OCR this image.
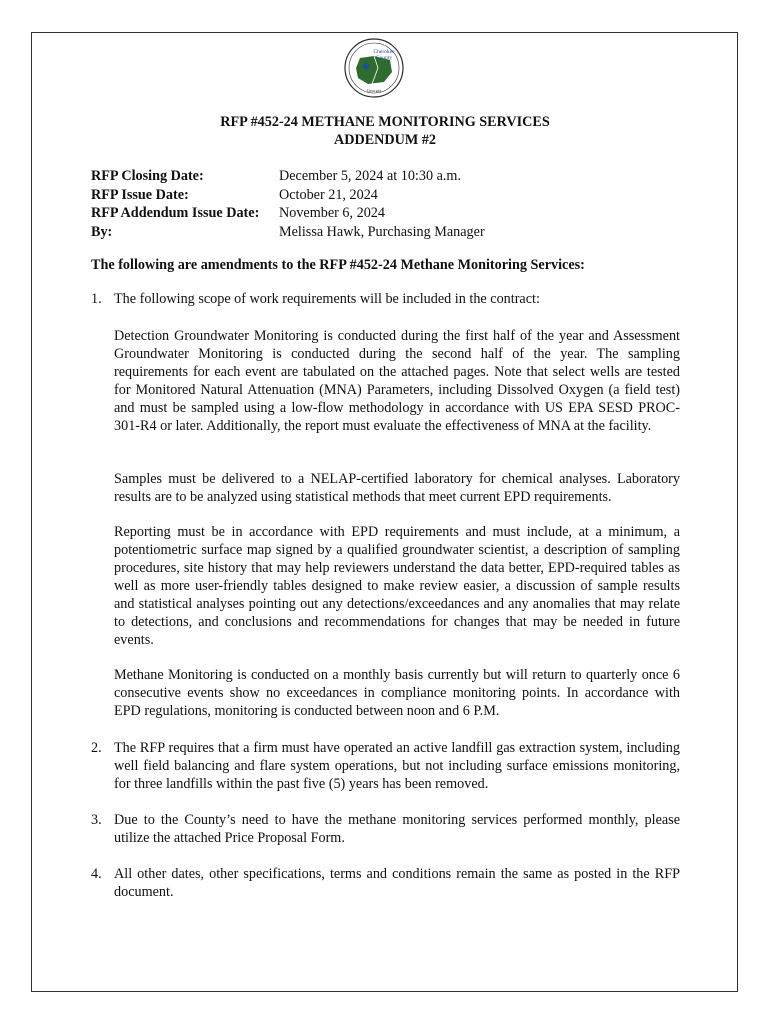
Cherokee
County
Georgia
RFP #452-24 METHANE MONITORING SERVICES
ADDENDUM #2
RFP Closing Date:	December 5, 2024 at 10:30 a.m.
RFP Issue Date:	October 21, 2024
RFP Addendum Issue Date:	November 6, 2024
By:	Melissa Hawk, Purchasing Manager
The following are amendments to the RFP #452-24 Methane Monitoring Services:
1. The following scope of work requirements will be included in the contract:
Detection Groundwater Monitoring is conducted during the first half of the year and Assessment Groundwater Monitoring is conducted during the second half of the year. The sampling requirements for each event are tabulated on the attached pages. Note that select wells are tested for Monitored Natural Attenuation (MNA) Parameters, including Dissolved Oxygen (a field test) and must be sampled using a low-flow methodology in accordance with US EPA SESD PROC-301-R4 or later. Additionally, the report must evaluate the effectiveness of MNA at the facility.
Samples must be delivered to a NELAP-certified laboratory for chemical analyses. Laboratory results are to be analyzed using statistical methods that meet current EPD requirements.
Reporting must be in accordance with EPD requirements and must include, at a minimum, a potentiometric surface map signed by a qualified groundwater scientist, a description of sampling procedures, site history that may help reviewers understand the data better, EPD-required tables as well as more user-friendly tables designed to make review easier, a discussion of sample results and statistical analyses pointing out any detections/exceedances and any anomalies that may relate to detections, and conclusions and recommendations for changes that may be needed in future events.
Methane Monitoring is conducted on a monthly basis currently but will return to quarterly once 6 consecutive events show no exceedances in compliance monitoring points. In accordance with EPD regulations, monitoring is conducted between noon and 6 P.M.
2. The RFP requires that a firm must have operated an active landfill gas extraction system, including well field balancing and flare system operations, but not including surface emissions monitoring, for three landfills within the past five (5) years has been removed.
3. Due to the County’s need to have the methane monitoring services performed monthly, please utilize the attached Price Proposal Form.
4. All other dates, other specifications, terms and conditions remain the same as posted in the RFP document.
